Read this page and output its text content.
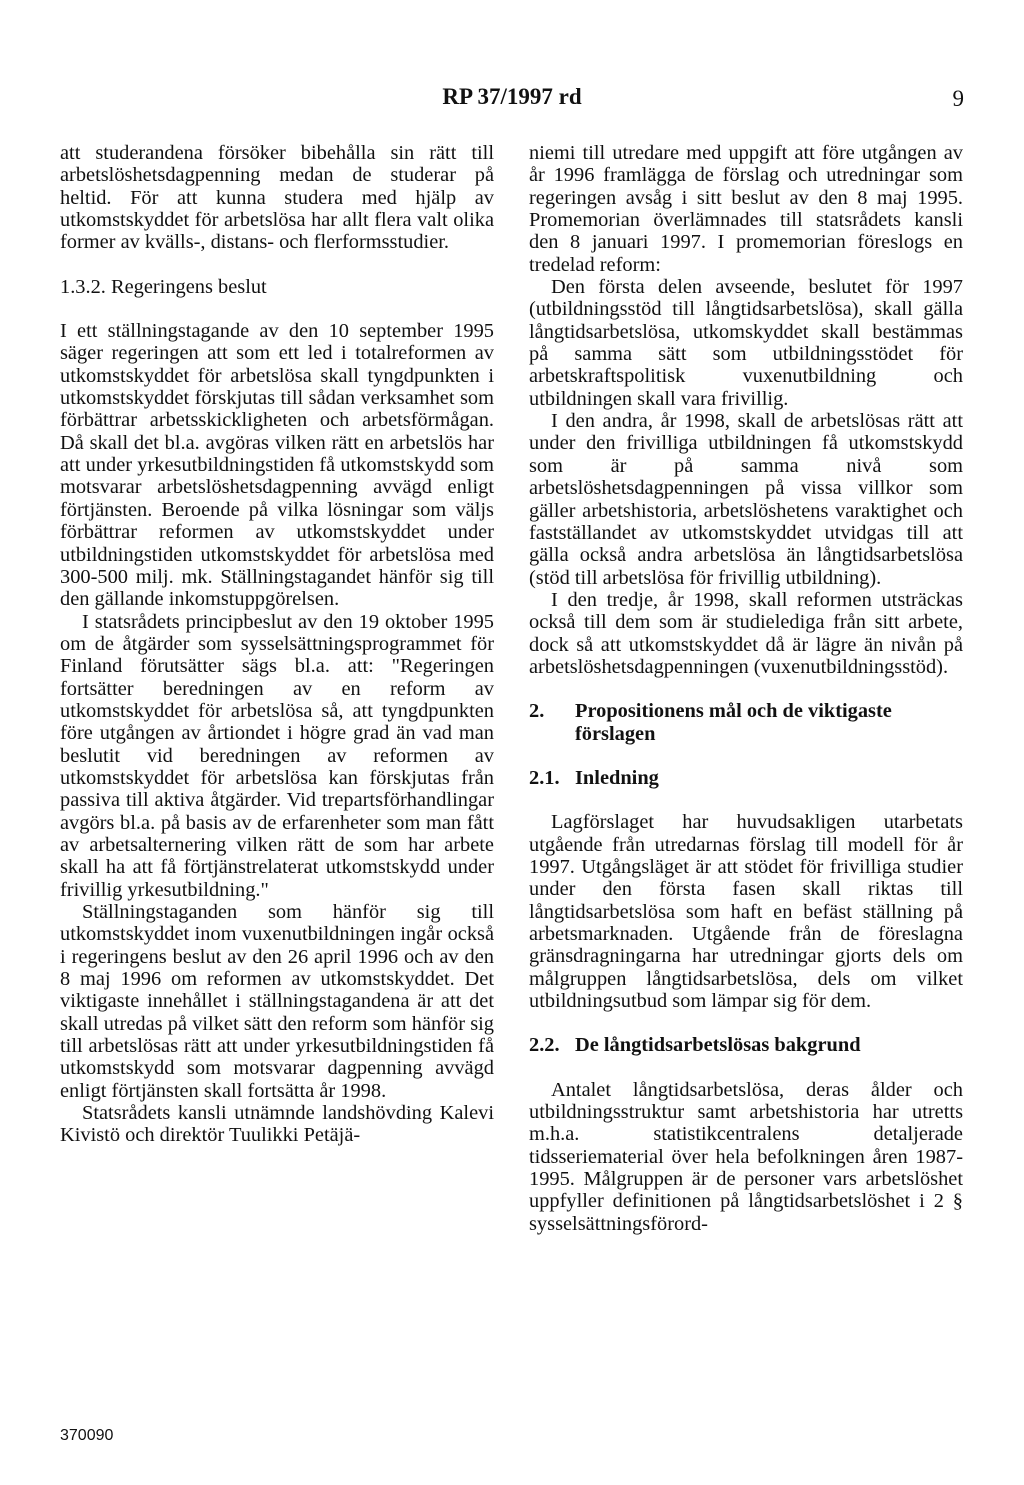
RP 37/1997 rd	9

att studerandena försöker bibehålla sin rätt till arbetslöshetsdagpenning medan de studerar på heltid. För att kunna studera med hjälp av utkomstskyddet för arbetslösa har allt flera valt olika former av kvälls-, distans- och flerformsstudier.

1.3.2. Regeringens beslut

I ett ställningstagande av den 10 september 1995 säger regeringen att som ett led i totalreformen av utkomstskyddet för arbetslösa skall tyngdpunkten i utkomstskyddet förskjutas till sådan verksamhet som förbättrar arbetsskickligheten och arbetsförmågan. Då skall det bl.a. avgöras vilken rätt en arbetslös har att under yrkesutbildningstiden få utkomstskydd som motsvarar arbetslöshetsdagpenning avvägd enligt förtjänsten. Beroende på vilka lösningar som väljs förbättrar reformen av utkomstskyddet under utbildningstiden utkomstskyddet för arbetslösa med 300-500 milj. mk. Ställningstagandet hänför sig till den gällande inkomstuppgörelsen.

I statsrådets principbeslut av den 19 oktober 1995 om de åtgärder som sysselsättningsprogrammet för Finland förutsätter sägs bl.a. att: "Regeringen fortsätter beredningen av en reform av utkomstskyddet för arbetslösa så, att tyngdpunkten före utgången av årtiondet i högre grad än vad man beslutit vid beredningen av reformen av utkomstskyddet för arbetslösa kan förskjutas från passiva till aktiva åtgärder. Vid trepartsförhandlingar avgörs bl.a. på basis av de erfarenheter som man fått av arbetsalternering vilken rätt de som har arbete skall ha att få förtjänstrelaterat utkomstskydd under frivillig yrkesutbildning."

Ställningstaganden som hänför sig till utkomstskyddet inom vuxenutbildningen ingår också i regeringens beslut av den 26 april 1996 och av den 8 maj 1996 om reformen av utkomstskyddet. Det viktigaste innehållet i ställningstagandena är att det skall utredas på vilket sätt den reform som hänför sig till arbetslösas rätt att under yrkesutbildningstiden få utkomstskydd som motsvarar dagpenning avvägd enligt förtjänsten skall fortsätta år 1998.

Statsrådets kansli utnämnde landshövding Kalevi Kivistö och direktör Tuulikki Petäjä-

niemi till utredare med uppgift att före utgången av år 1996 framlägga de förslag och utredningar som regeringen avsåg i sitt beslut av den 8 maj 1995. Promemorian överlämnades till statsrådets kansli den 8 januari 1997. I promemorian föreslogs en tredelad reform:

Den första delen avseende, beslutet för 1997 (utbildningsstöd till långtidsarbetslösa), skall gälla långtidsarbetslösa, utkomskyddet skall bestämmas på samma sätt som utbildningsstödet för arbetskraftspolitisk vuxenutbildning och utbildningen skall vara frivillig.

I den andra, år 1998, skall de arbetslösas rätt att under den frivilliga utbildningen få utkomstskydd som är på samma nivå som arbetslöshetsdagpenningen på vissa villkor som gäller arbetshistoria, arbetslöshetens varaktighet och fastställandet av utkomstskyddet utvidgas till att gälla också andra arbetslösa än långtidsarbetslösa (stöd till arbetslösa för frivillig utbildning).

I den tredje, år 1998, skall reformen utsträckas också till dem som är studielediga från sitt arbete, dock så att utkomstskyddet då är lägre än nivån på arbetslöshetsdagpenningen (vuxenutbildningsstöd).

2.	Propositionens mål och de viktigaste förslagen
2.1. Inledning

Lagförslaget har huvudsakligen utarbetats utgående från utredarnas förslag till modell för år 1997. Utgångsläget är att stödet för frivilliga studier under den första fasen skall riktas till långtidsarbetslösa som haft en befäst ställning på arbetsmarknaden. Utgående från de föreslagna gränsdragningarna har utredningar gjorts dels om målgruppen långtidsarbetslösa, dels om vilket utbildningsutbud som lämpar sig för dem.

2.2. De långtidsarbetslösas bakgrund

Antalet långtidsarbetslösa, deras ålder och utbildningsstruktur samt arbetshistoria har utretts m.h.a. statistikcentralens detaljerade tidsseriematerial över hela befolkningen åren 1987-1995. Målgruppen är de personer vars arbetslöshet uppfyller definitionen på långtidsarbetslöshet i 2 § sysselsättningsförord-

370090
